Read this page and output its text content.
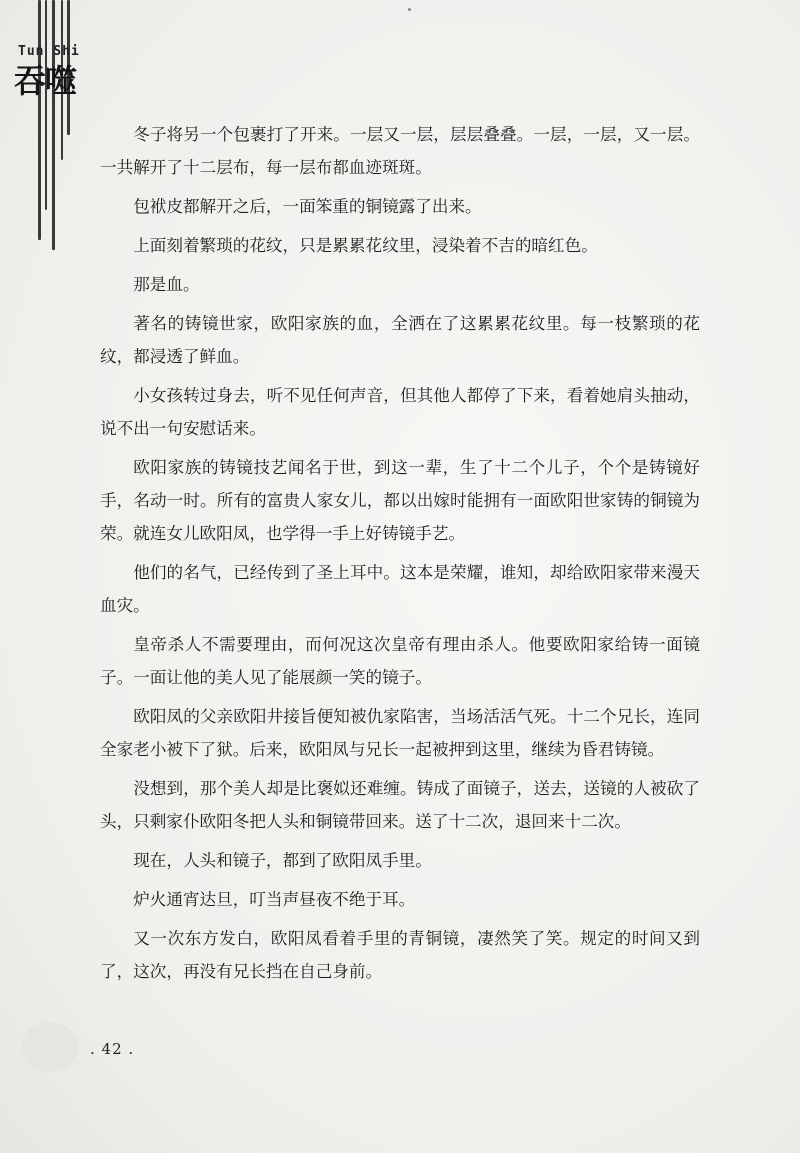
Tun Shi
吞噬

冬子将另一个包裹打了开来。一层又一层，层层叠叠。一层，一层，又一层。一共解开了十二层布，每一层布都血迹斑斑。

包袱皮都解开之后，一面笨重的铜镜露了出来。

上面刻着繁琐的花纹，只是累累花纹里，浸染着不吉的暗红色。

那是血。

著名的铸镜世家，欧阳家族的血，全洒在了这累累花纹里。每一枝繁琐的花纹，都浸透了鲜血。

小女孩转过身去，听不见任何声音，但其他人都停了下来，看着她肩头抽动，说不出一句安慰话来。

欧阳家族的铸镜技艺闻名于世，到这一辈，生了十二个儿子，个个是铸镜好手，名动一时。所有的富贵人家女儿，都以出嫁时能拥有一面欧阳世家铸的铜镜为荣。就连女儿欧阳凤，也学得一手上好铸镜手艺。

他们的名气，已经传到了圣上耳中。这本是荣耀，谁知，却给欧阳家带来漫天血灾。

皇帝杀人不需要理由，而何况这次皇帝有理由杀人。他要欧阳家给铸一面镜子。一面让他的美人见了能展颜一笑的镜子。

欧阳凤的父亲欧阳井接旨便知被仇家陷害，当场活活气死。十二个兄长，连同全家老小被下了狱。后来，欧阳凤与兄长一起被押到这里，继续为昏君铸镜。

没想到，那个美人却是比褒姒还难缠。铸成了面镜子，送去，送镜的人被砍了头，只剩家仆欧阳冬把人头和铜镜带回来。送了十二次，退回来十二次。

现在，人头和镜子，都到了欧阳凤手里。

炉火通宵达旦，叮当声昼夜不绝于耳。

又一次东方发白，欧阳凤看着手里的青铜镜，凄然笑了笑。规定的时间又到了，这次，再没有兄长挡在自己身前。

. 42 .
